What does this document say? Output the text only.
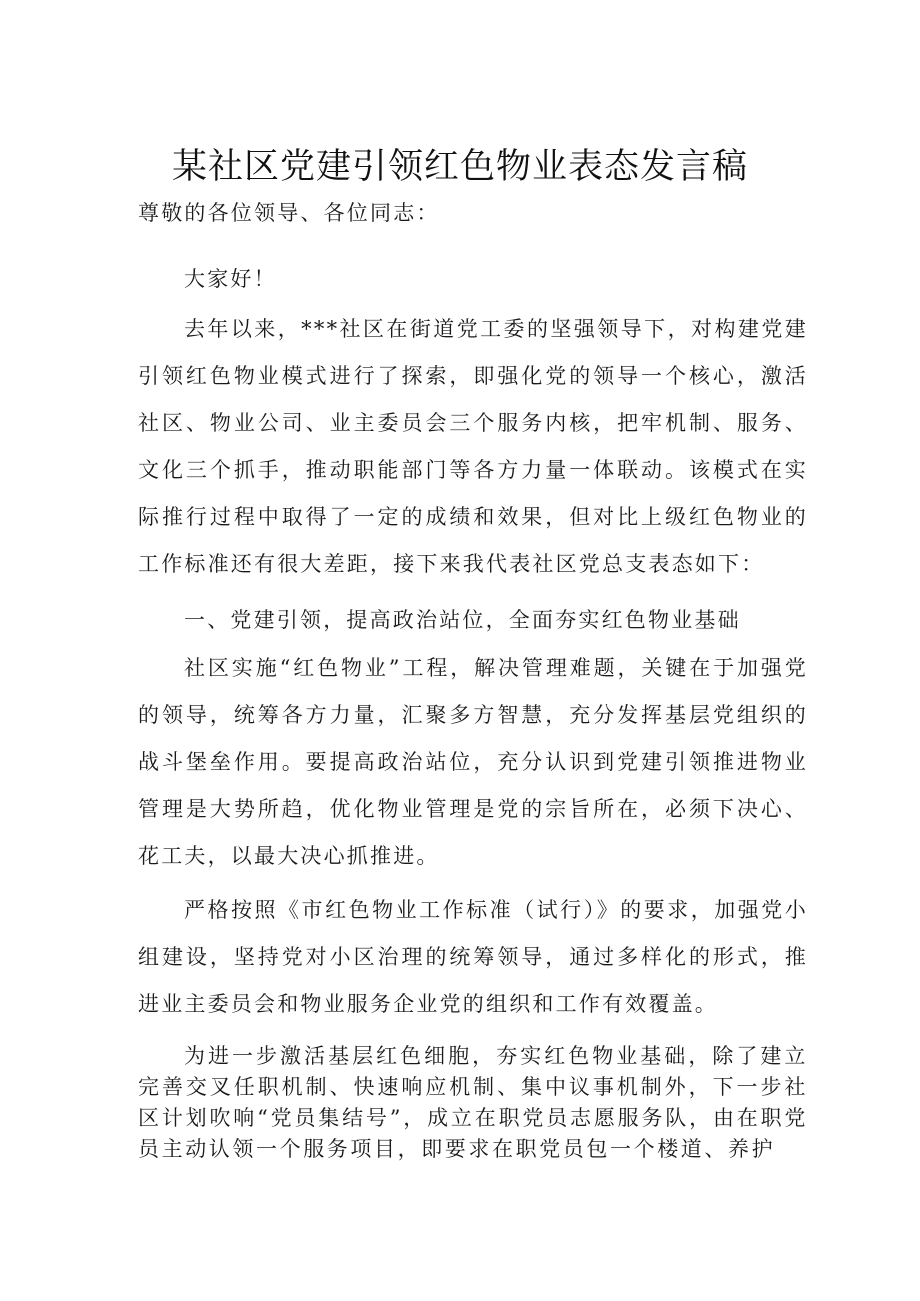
某社区党建引领红色物业表态发言稿

尊敬的各位领导、各位同志：

大家好！

去年以来，***社区在街道党工委的坚强领导下，对构建党建引领红色物业模式进行了探索，即强化党的领导一个核心，激活社区、物业公司、业主委员会三个服务内核，把牢机制、服务、文化三个抓手，推动职能部门等各方力量一体联动。该模式在实际推行过程中取得了一定的成绩和效果，但对比上级红色物业的工作标准还有很大差距，接下来我代表社区党总支表态如下：

一、党建引领，提高政治站位，全面夯实红色物业基础

社区实施“红色物业”工程，解决管理难题，关键在于加强党的领导，统筹各方力量，汇聚多方智慧，充分发挥基层党组织的战斗堡垒作用。要提高政治站位，充分认识到党建引领推进物业管理是大势所趋，优化物业管理是党的宗旨所在，必须下决心、花工夫，以最大决心抓推进。

严格按照《市红色物业工作标准（试行）》的要求，加强党小组建设，坚持党对小区治理的统筹领导，通过多样化的形式，推进业主委员会和物业服务企业党的组织和工作有效覆盖。

为进一步激活基层红色细胞，夯实红色物业基础，除了建立完善交叉任职机制、快速响应机制、集中议事机制外，下一步社区计划吹响“党员集结号”，成立在职党员志愿服务队，由在职党员主动认领一个服务项目，即要求在职党员包一个楼道、养护
